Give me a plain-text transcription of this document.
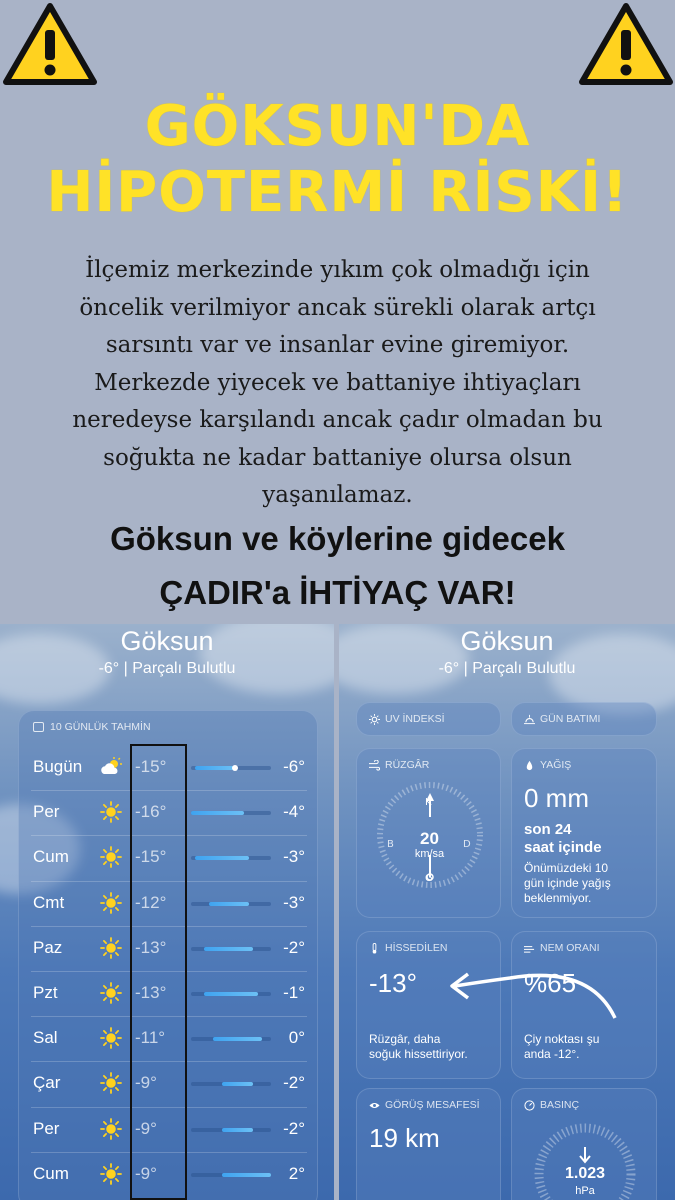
GÖKSUN'DA
HİPOTERMİ RİSKİ!
İlçemiz merkezinde yıkım çok olmadığı için
öncelik verilmiyor ancak sürekli olarak artçı
sarsıntı var ve insanlar evine giremiyor.
Merkezde yiyecek ve battaniye ihtiyaçları
neredeyse karşılandı ancak çadır olmadan bu
soğukta ne kadar battaniye olursa olsun
yaşanılamaz.
Göksun ve köylerine gidecek
ÇADIR'a İHTİYAÇ VAR!
Göksun
-6° | Parçalı Bulutlu
10 GÜNLÜK TAHMİN
Bugün	-15°	-6°
Per	-16°	-4°
Cum	-15°	-3°
Cmt	-12°	-3°
Paz	-13°	-2°
Pzt	-13°	-1°
Sal	-11°	0°
Çar	-9°	-2°
Per	-9°	-2°
Cum	-9°	2°
Göksun
-6° | Parçalı Bulutlu
UV İNDEKSİ	GÜN BATIMI
RÜZGÂR
K
B	D
G
20
km/sa
YAĞIŞ
0 mm
son 24
saat içinde
Önümüzdeki 10
gün içinde yağış
beklenmiyor.
HİSSEDİLEN
-13°
Rüzgâr, daha
soğuk hissettiriyor.
NEM ORANI
%65
Çiy noktası şu
anda -12°.
GÖRÜŞ MESAFESİ
19 km
BASINÇ
1.023
hPa
